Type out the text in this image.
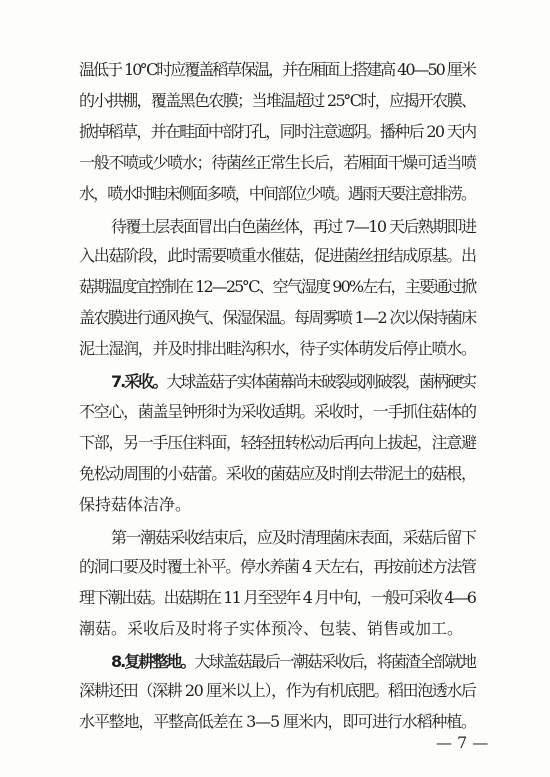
温低于 10℃时应覆盖稻草保温，并在厢面上搭建高 40—50 厘米

的小拱棚，覆盖黑色农膜；当堆温超过 25℃时，应揭开农膜、

掀掉稻草，并在畦面中部打孔，同时注意遮阴。播种后 20 天内

一般不喷或少喷水；待菌丝正常生长后，若厢面干燥可适当喷

水，喷水时畦床侧面多喷，中间部位少喷。遇雨天要注意排涝。

待覆土层表面冒出白色菌丝体，再过 7—10 天后熟期即进

入出菇阶段，此时需要喷重水催菇，促进菌丝扭结成原基。出

菇期温度宜控制在 12—25℃、空气湿度 90%左右，主要通过掀

盖农膜进行通风换气、保湿保温。每周雾喷 1—2 次以保持菌床

泥土湿润，并及时排出畦沟积水，待子实体萌发后停止喷水。

7.采收。大球盖菇子实体菌幕尚未破裂或刚破裂，菌柄硬实

不空心，菌盖呈钟形时为采收适期。采收时，一手抓住菇体的

下部，另一手压住料面，轻轻扭转松动后再向上拔起，注意避

免松动周围的小菇蕾。采收的菌菇应及时削去带泥土的菇根，

保持菇体洁净。

第一潮菇采收结束后，应及时清理菌床表面，采菇后留下

的洞口要及时覆土补平。停水养菌 4 天左右，再按前述方法管

理下潮出菇。出菇期在 11 月至翌年 4 月中旬，一般可采收 4—6

潮菇。采收后及时将子实体预冷、包装、销售或加工。

8.复耕整地。大球盖菇最后一潮菇采收后，将菌渣全部就地

深耕还田（深耕 20 厘米以上），作为有机底肥。稻田泡透水后

水平整地，平整高低差在 3—5 厘米内，即可进行水稻种植。

— 7 —
